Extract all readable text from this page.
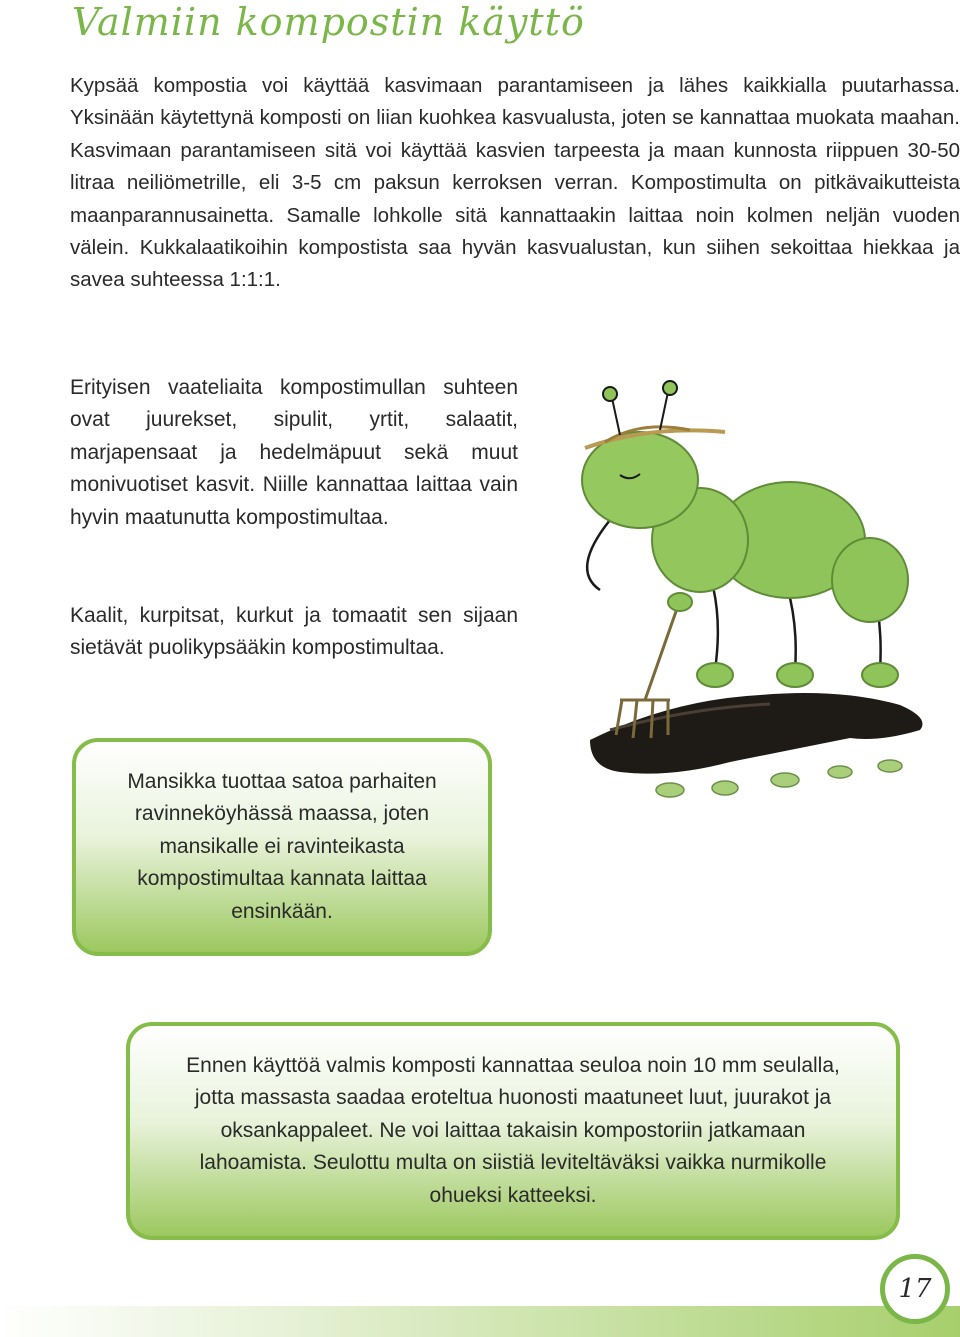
Valmiin kompostin käyttö

Kypsää kompostia voi käyttää kasvimaan parantamiseen ja lähes kaikkialla puutarhassa. Yksinään käytettynä komposti on liian kuohkea kasvualusta, joten se kannattaa muokata maahan. Kasvimaan parantamiseen sitä voi käyttää kasvien tarpeesta ja maan kunnosta riippuen 30-50 litraa neiliömetrille, eli 3-5 cm paksun kerroksen verran. Kompostimulta on pitkävaikutteista maanparannusainetta. Samalle lohkolle sitä kannattaakin laittaa noin kolmen neljän vuoden välein. Kukkalaatikoihin kompostista saa hyvän kasvualustan, kun siihen sekoittaa hiekkaa ja savea suhteessa 1:1:1.

Erityisen vaateliaita kompostimullan suhteen ovat juurekset, sipulit, yrtit, salaatit, marjapensaat ja hedelmäpuut sekä muut monivuotiset kasvit. Niille kannattaa laittaa vain hyvin maatunutta kompostimultaa.

Kaalit, kurpitsat, kurkut ja tomaatit sen sijaan sietävät puolikypsääkin kompostimultaa.

Mansikka tuottaa satoa parhaiten ravinneköyhässä maassa, joten mansikalle ei ravinteikasta kompostimultaa kannata laittaa ensinkään.

Ennen käyttöä valmis komposti kannattaa seuloa noin 10 mm seulalla, jotta massasta saadaa eroteltua huonosti maatuneet luut, juurakot ja oksankappaleet. Ne voi laittaa takaisin kompostoriin jatkamaan lahoamista. Seulottu multa on siistiä leviteltäväksi vaikka nurmikolle ohueksi katteeksi.

17
